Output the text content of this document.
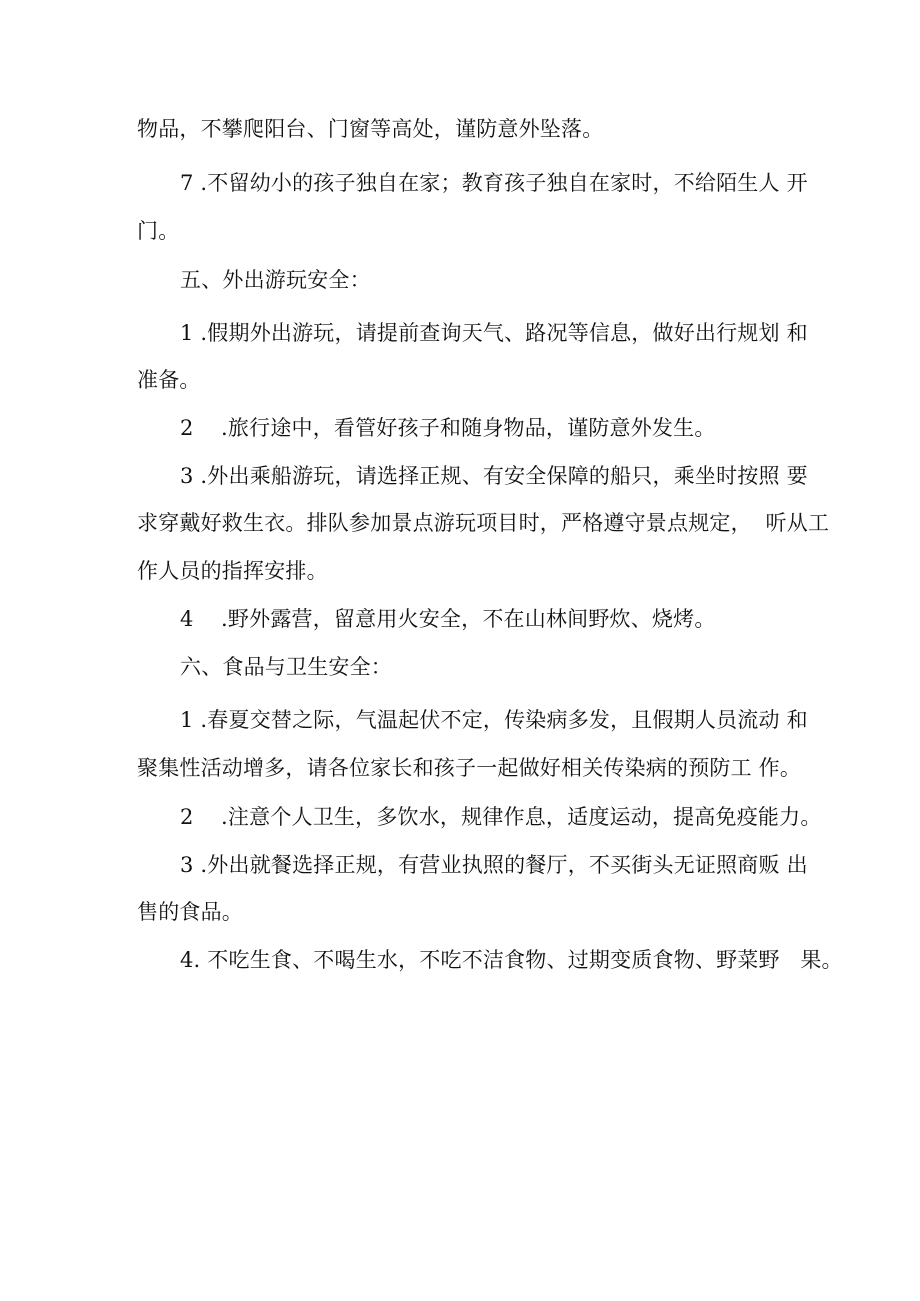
物品，不攀爬阳台、门窗等高处，谨防意外坠落。
7 .不留幼小的孩子独自在家；教育孩子独自在家时，不给陌生人 开
门。
五、外出游玩安全：
1 .假期外出游玩，请提前查询天气、路况等信息，做好出行规划 和
准备。
2    .旅行途中，看管好孩子和随身物品，谨防意外发生。
3 .外出乘船游玩，请选择正规、有安全保障的船只，乘坐时按照 要
求穿戴好救生衣。排队参加景点游玩项目时，严格遵守景点规定，  听从工
作人员的指挥安排。
4    .野外露营，留意用火安全，不在山林间野炊、烧烤。
六、食品与卫生安全：
1 .春夏交替之际，气温起伏不定，传染病多发，且假期人员流动 和
聚集性活动增多，请各位家长和孩子一起做好相关传染病的预防工 作。
2    .注意个人卫生，多饮水，规律作息，适度运动，提高免疫能力。
3 .外出就餐选择正规，有营业执照的餐厅，不买街头无证照商贩 出
售的食品。
4. 不吃生食、不喝生水，不吃不洁食物、过期变质食物、野菜野   果。
